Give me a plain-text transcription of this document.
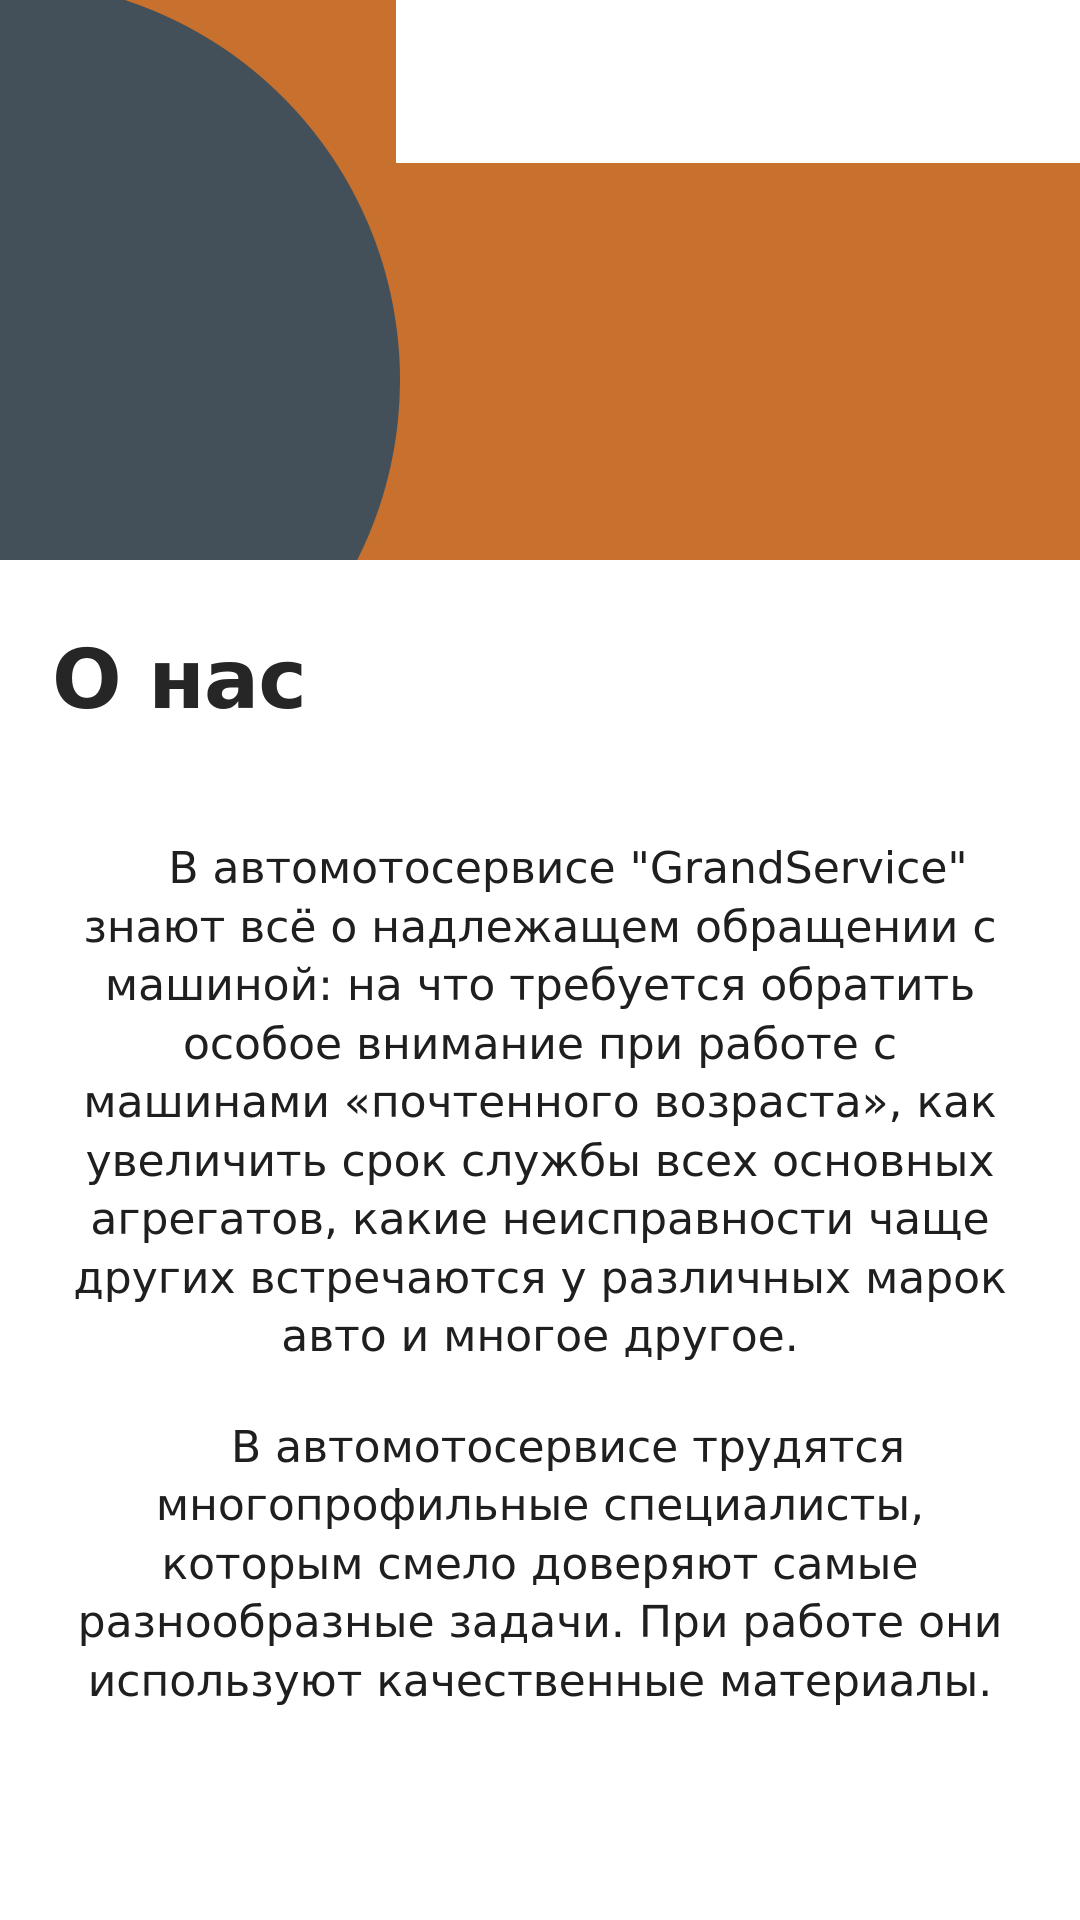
О нас

В автомотосервисе "GrandService" знают всё о надлежащем обращении с машиной: на что требуется обратить особое внимание при работе с машинами «почтенного возраста», как увеличить срок службы всех основных агрегатов, какие неисправности чаще других встречаются у различных марок авто и многое другое.

В автомотосервисе трудятся многопрофильные специалисты, которым смело доверяют самые разнообразные задачи. При работе они используют качественные материалы.
